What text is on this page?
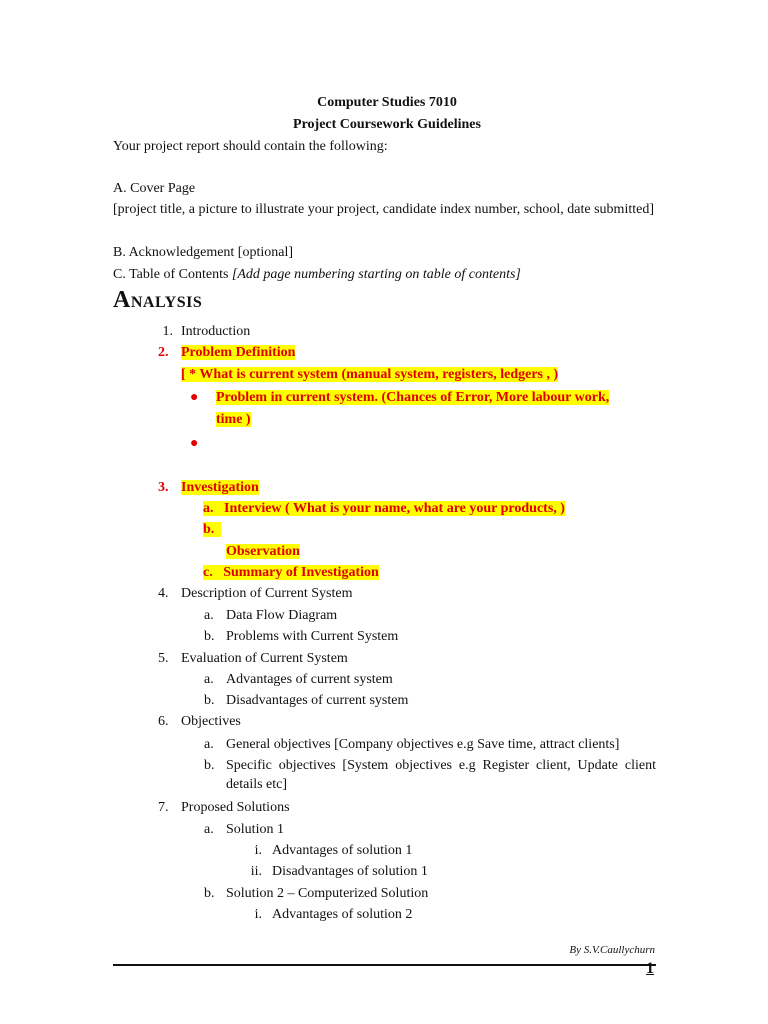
Computer Studies 7010
Project Coursework Guidelines
Your project report should contain the following:
A. Cover Page
[project title, a picture to illustrate your project, candidate index number, school, date submitted]
B. Acknowledgement [optional]
C. Table of Contents [Add page numbering starting on table of contents]
ANALYSIS
1. Introduction
2. Problem Definition
[ * What is current system (manual system, registers, ledgers , )
● Problem in current system. (Chances of Error, More labour work,
time )
●
3. Investigation
a. Interview ( What is your name, what are your products, )
b.
Observation
c. Summary of Investigation
4. Description of Current System
a. Data Flow Diagram
b. Problems with Current System
5. Evaluation of Current System
a. Advantages of current system
b. Disadvantages of current system
6. Objectives
a. General objectives [Company objectives e.g Save time, attract clients]
b. Specific objectives [System objectives e.g Register client, Update client details etc]
7. Proposed Solutions
a. Solution 1
i. Advantages of solution 1
ii. Disadvantages of solution 1
b. Solution 2 – Computerized Solution
i. Advantages of solution 2
By S.V.Caullychurn
1
